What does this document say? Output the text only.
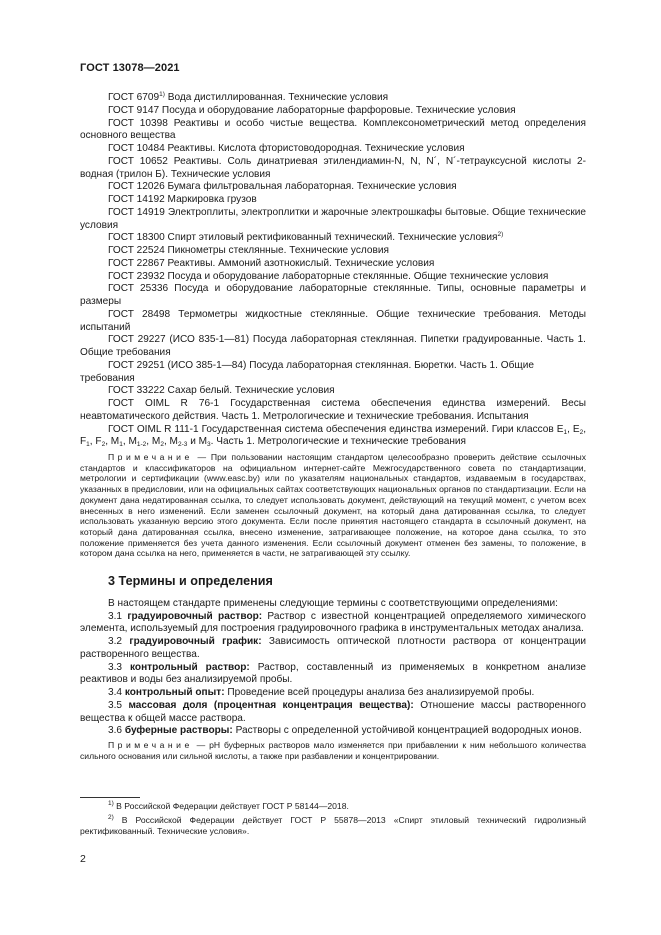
ГОСТ 13078—2021

ГОСТ 6709$^{1)}$ Вода дистиллированная. Технические условия

ГОСТ 9147 Посуда и оборудование лабораторные фарфоровые. Технические условия

ГОСТ 10398 Реактивы и особо чистые вещества. Комплексонометрический метод определения основного вещества

ГОСТ 10484 Реактивы. Кислота фтористоводородная. Технические условия

ГОСТ 10652 Реактивы. Соль динатриевая этилендиамин-N, N, N´, N´-тетрауксусной кислоты 2-водная (трилон Б). Технические условия

ГОСТ 12026 Бумага фильтровальная лабораторная. Технические условия

ГОСТ 14192 Маркировка грузов

ГОСТ 14919 Электроплиты, электроплитки и жарочные электрошкафы бытовые. Общие технические условия

ГОСТ 18300 Спирт этиловый ректификованный технический. Технические условия$^{2)}$

ГОСТ 22524 Пикнометры стеклянные. Технические условия

ГОСТ 22867 Реактивы. Аммоний азотнокислый. Технические условия

ГОСТ 23932 Посуда и оборудование лабораторные стеклянные. Общие технические условия

ГОСТ 25336 Посуда и оборудование лабораторные стеклянные. Типы, основные параметры и размеры

ГОСТ 28498 Термометры жидкостные стеклянные. Общие технические требования. Методы испытаний

ГОСТ 29227 (ИСО 835-1—81) Посуда лабораторная стеклянная. Пипетки градуированные. Часть 1. Общие требования

ГОСТ 29251 (ИСО 385-1—84) Посуда лабораторная стеклянная. Бюретки. Часть 1. Общие требования

ГОСТ 33222 Сахар белый. Технические условия

ГОСТ OIML R 76-1 Государственная система обеспечения единства измерений. Весы неавтоматического действия. Часть 1. Метрологические и технические требования. Испытания

ГОСТ OIML R 111-1 Государственная система обеспечения единства измерений. Гири классов $E_1$, $E_2$, $F_1$, $F_2$, $M_1$, $M_{1-2}$, $M_2$, $M_{2-3}$ и $M_3$. Часть 1. Метрологические и технические требования

Примечание — При пользовании настоящим стандартом целесообразно проверить действие ссылочных стандартов и классификаторов на официальном интернет-сайте Межгосударственного совета по стандартизации, метрологии и сертификации (www.easc.by) или по указателям национальных стандартов, издаваемым в государствах, указанных в предисловии, или на официальных сайтах соответствующих национальных органов по стандартизации. Если на документ дана недатированная ссылка, то следует использовать документ, действующий на текущий момент, с учетом всех внесенных в него изменений. Если заменен ссылочный документ, на который дана датированная ссылка, то следует использовать указанную версию этого документа. Если после принятия настоящего стандарта в ссылочный документ, на который дана датированная ссылка, внесено изменение, затрагивающее положение, на которое дана ссылка, то это положение применяется без учета данного изменения. Если ссылочный документ отменен без замены, то положение, в котором дана ссылка на него, применяется в части, не затрагивающей эту ссылку.

3 Термины и определения

В настоящем стандарте применены следующие термины с соответствующими определениями:

3.1 градуировочный раствор: Раствор с известной концентрацией определяемого химического элемента, используемый для построения градуировочного графика в инструментальных методах анализа.

3.2 градуировочный график: Зависимость оптической плотности раствора от концентрации растворенного вещества.

3.3 контрольный раствор: Раствор, составленный из применяемых в конкретном анализе реактивов и воды без анализируемой пробы.

3.4 контрольный опыт: Проведение всей процедуры анализа без анализируемой пробы.

3.5 массовая доля (процентная концентрация вещества): Отношение массы растворенного вещества к общей массе раствора.

3.6 буферные растворы: Растворы с определенной устойчивой концентрацией водородных ионов.

Примечание — рН буферных растворов мало изменяется при прибавлении к ним небольшого количества сильного основания или сильной кислоты, а также при разбавлении и концентрировании.

$^{1)}$ В Российской Федерации действует ГОСТ Р 58144—2018.

$^{2)}$ В Российской Федерации действует ГОСТ Р 55878—2013 «Спирт этиловый технический гидролизный ректификованный. Технические условия».

2
